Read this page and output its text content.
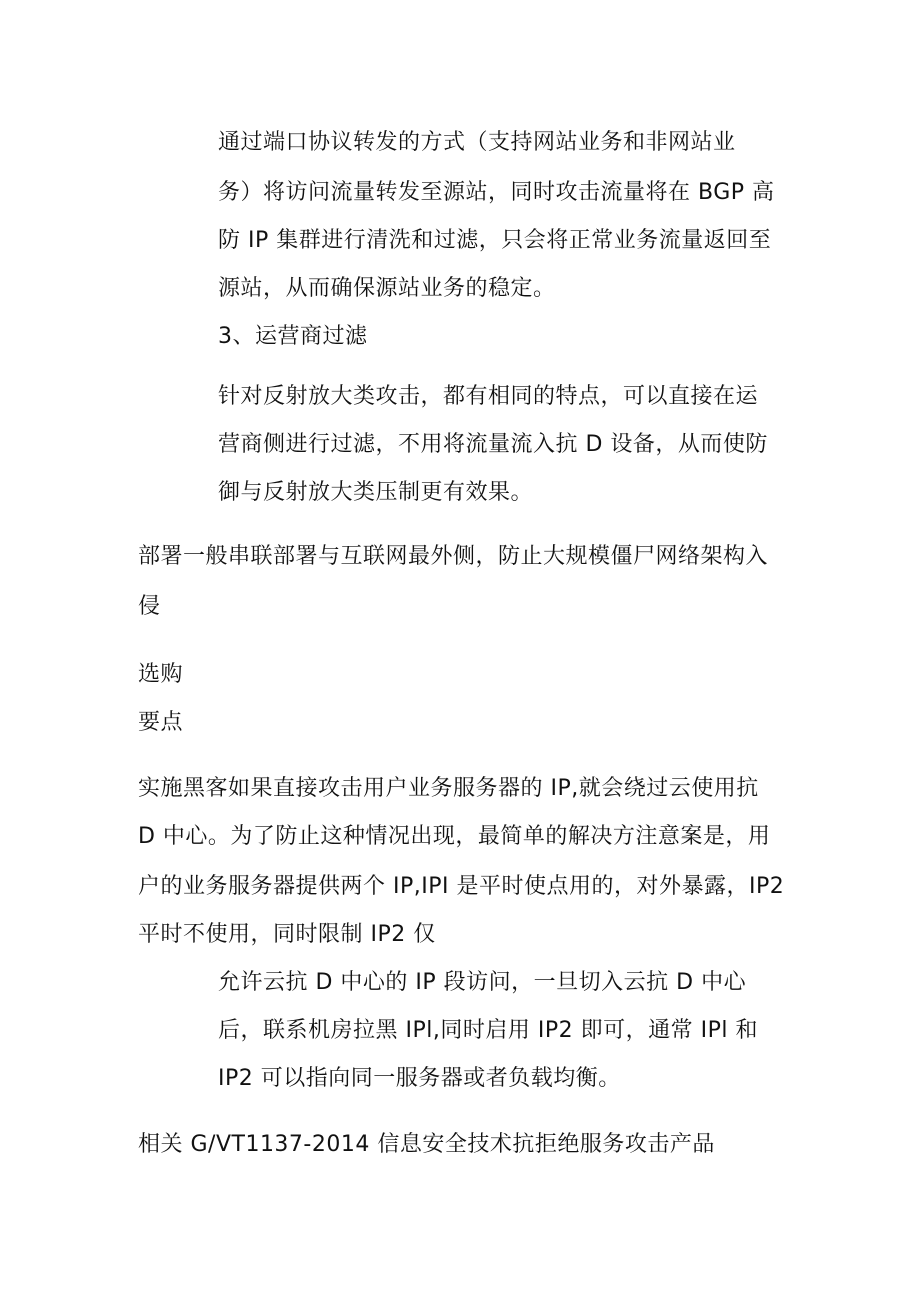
通过端口协议转发的方式（支持网站业务和非网站业
务）将访问流量转发至源站，同时攻击流量将在 BGP 高
防 IP 集群进行清洗和过滤，只会将正常业务流量返回至
源站，从而确保源站业务的稳定。
3、运营商过滤
针对反射放大类攻击，都有相同的特点，可以直接在运
营商侧进行过滤，不用将流量流入抗 D 设备，从而使防
御与反射放大类压制更有效果。
部署一般串联部署与互联网最外侧，防止大规模僵尸网络架构入
侵
选购
要点
实施黑客如果直接攻击用户业务服务器的 IP,就会绕过云使用抗
D 中心。为了防止这种情况出现，最简单的解决方注意案是，用
户的业务服务器提供两个 IP,IPI 是平时使点用的，对外暴露，IP2
平时不使用，同时限制 IP2 仅
允许云抗 D 中心的 IP 段访问，一旦切入云抗 D 中心
后，联系机房拉黑 IPl,同时启用 IP2 即可，通常 IPl 和
IP2 可以指向同一服务器或者负载均衡。
相关 G/VT1137-2014 信息安全技术抗拒绝服务攻击产品
